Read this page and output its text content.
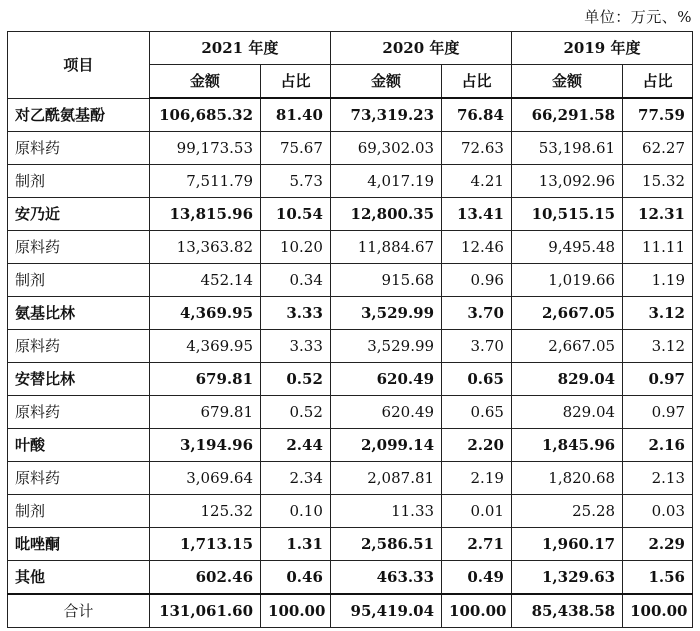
单位：万元、%
项目	2021 年度		2020 年度		2019 年度	
	金额	占比	金额	占比	金额	占比
对乙酰氨基酚	106,685.32	81.40	73,319.23	76.84	66,291.58	77.59
原料药	99,173.53	75.67	69,302.03	72.63	53,198.61	62.27
制剂	7,511.79	5.73	4,017.19	4.21	13,092.96	15.32
安乃近	13,815.96	10.54	12,800.35	13.41	10,515.15	12.31
原料药	13,363.82	10.20	11,884.67	12.46	9,495.48	11.11
制剂	452.14	0.34	915.68	0.96	1,019.66	1.19
氨基比林	4,369.95	3.33	3,529.99	3.70	2,667.05	3.12
原料药	4,369.95	3.33	3,529.99	3.70	2,667.05	3.12
安替比林	679.81	0.52	620.49	0.65	829.04	0.97
原料药	679.81	0.52	620.49	0.65	829.04	0.97
叶酸	3,194.96	2.44	2,099.14	2.20	1,845.96	2.16
原料药	3,069.64	2.34	2,087.81	2.19	1,820.68	2.13
制剂	125.32	0.10	11.33	0.01	25.28	0.03
吡唑酮	1,713.15	1.31	2,586.51	2.71	1,960.17	2.29
其他	602.46	0.46	463.33	0.49	1,329.63	1.56
合计	131,061.60	100.00	95,419.04	100.00	85,438.58	100.00
